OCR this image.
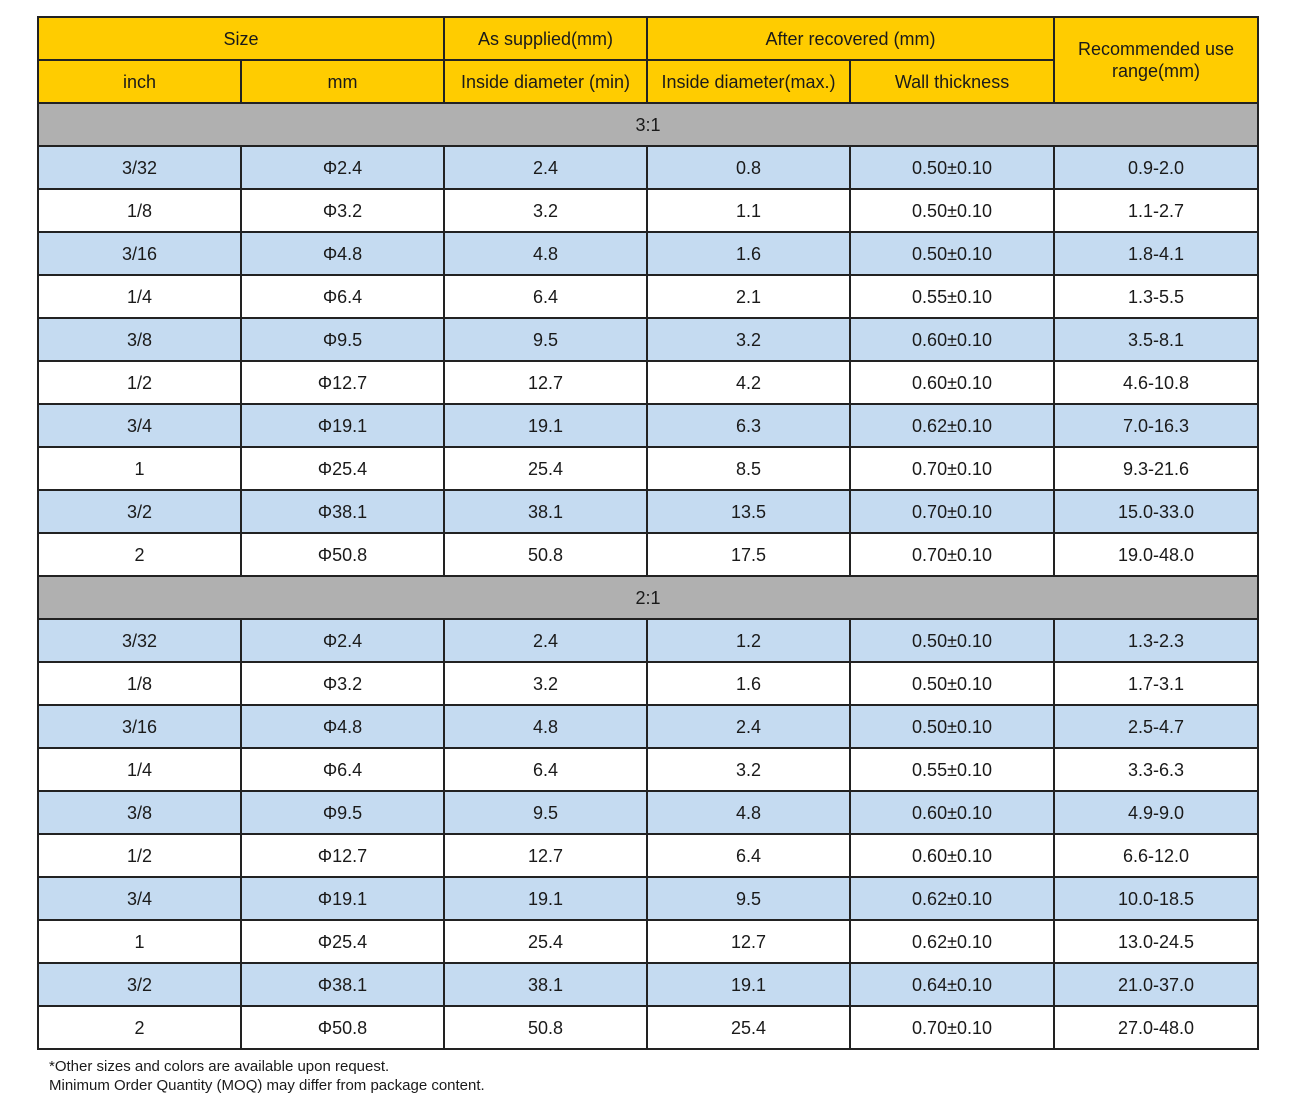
Size		As supplied(mm)	After recovered (mm)		Recommended use range(mm)
inch	mm	Inside diameter (min)	Inside diameter(max.)	Wall thickness	
3:1					
3/32	Φ2.4	2.4	0.8	0.50±0.10	0.9-2.0
1/8	Φ3.2	3.2	1.1	0.50±0.10	1.1-2.7
3/16	Φ4.8	4.8	1.6	0.50±0.10	1.8-4.1
1/4	Φ6.4	6.4	2.1	0.55±0.10	1.3-5.5
3/8	Φ9.5	9.5	3.2	0.60±0.10	3.5-8.1
1/2	Φ12.7	12.7	4.2	0.60±0.10	4.6-10.8
3/4	Φ19.1	19.1	6.3	0.62±0.10	7.0-16.3
1	Φ25.4	25.4	8.5	0.70±0.10	9.3-21.6
3/2	Φ38.1	38.1	13.5	0.70±0.10	15.0-33.0
2	Φ50.8	50.8	17.5	0.70±0.10	19.0-48.0
2:1					
3/32	Φ2.4	2.4	1.2	0.50±0.10	1.3-2.3
1/8	Φ3.2	3.2	1.6	0.50±0.10	1.7-3.1
3/16	Φ4.8	4.8	2.4	0.50±0.10	2.5-4.7
1/4	Φ6.4	6.4	3.2	0.55±0.10	3.3-6.3
3/8	Φ9.5	9.5	4.8	0.60±0.10	4.9-9.0
1/2	Φ12.7	12.7	6.4	0.60±0.10	6.6-12.0
3/4	Φ19.1	19.1	9.5	0.62±0.10	10.0-18.5
1	Φ25.4	25.4	12.7	0.62±0.10	13.0-24.5
3/2	Φ38.1	38.1	19.1	0.64±0.10	21.0-37.0
2	Φ50.8	50.8	25.4	0.70±0.10	27.0-48.0
*Other sizes and colors are available upon request.
Minimum Order Quantity (MOQ) may differ from package content.
